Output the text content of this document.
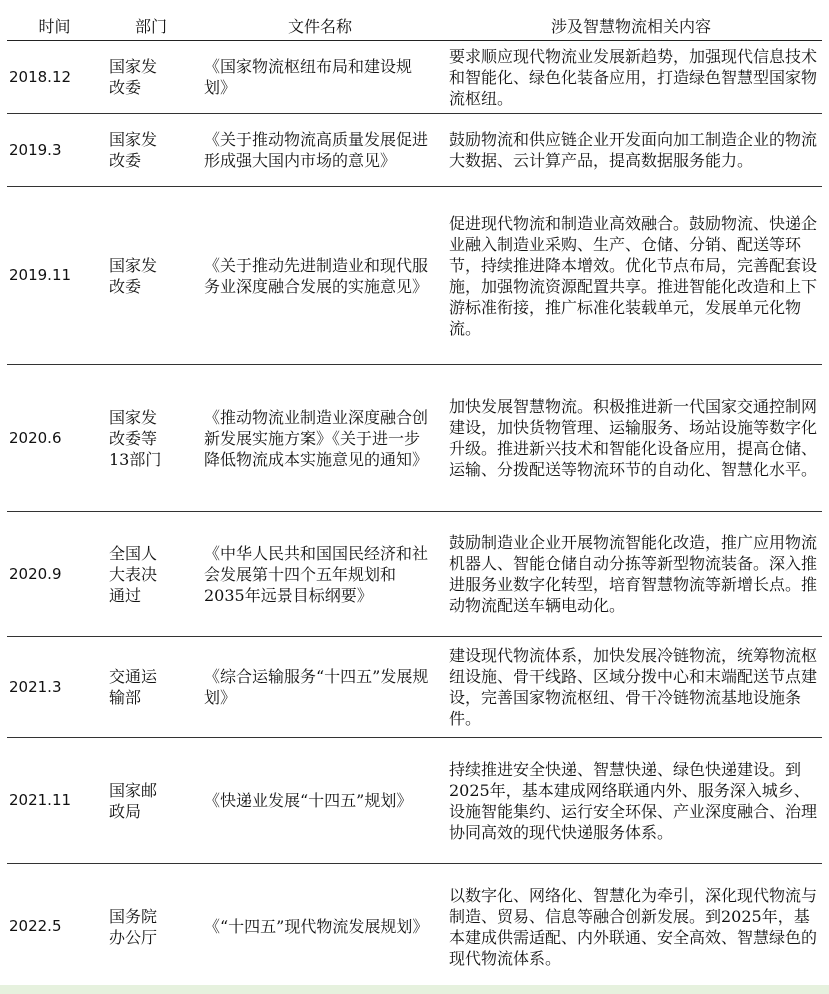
时间	部门	文件名称	涉及智慧物流相关内容
2018.12	国家发改委	《国家物流枢纽布局和建设规划》	要求顺应现代物流业发展新趋势，加强现代信息技术和智能化、绿色化装备应用，打造绿色智慧型国家物流枢纽。
2019.3	国家发改委	《关于推动物流高质量发展促进形成强大国内市场的意见》	鼓励物流和供应链企业开发面向加工制造企业的物流大数据、云计算产品，提高数据服务能力。
2019.11	国家发改委	《关于推动先进制造业和现代服务业深度融合发展的实施意见》	促进现代物流和制造业高效融合。鼓励物流、快递企业融入制造业采购、生产、仓储、分销、配送等环节，持续推进降本增效。优化节点布局，完善配套设施，加强物流资源配置共享。推进智能化改造和上下游标准衔接，推广标准化装载单元，发展单元化物流。
2020.6	国家发改委等13部门	《推动物流业制造业深度融合创新发展实施方案》《关于进一步降低物流成本实施意见的通知》	加快发展智慧物流。积极推进新一代国家交通控制网建设，加快货物管理、运输服务、场站设施等数字化升级。推进新兴技术和智能化设备应用，提高仓储、运输、分拨配送等物流环节的自动化、智慧化水平。
2020.9	全国人大表决通过	《中华人民共和国国民经济和社会发展第十四个五年规划和2035年远景目标纲要》	鼓励制造业企业开展物流智能化改造，推广应用物流机器人、智能仓储自动分拣等新型物流装备。深入推进服务业数字化转型，培育智慧物流等新增长点。推动物流配送车辆电动化。
2021.3	交通运输部	《综合运输服务“十四五”发展规划》	建设现代物流体系，加快发展冷链物流，统筹物流枢纽设施、骨干线路、区域分拨中心和末端配送节点建设，完善国家物流枢纽、骨干冷链物流基地设施条件。
2021.11	国家邮政局	《快递业发展“十四五”规划》	持续推进安全快递、智慧快递、绿色快递建设。到2025年，基本建成网络联通内外、服务深入城乡、设施智能集约、运行安全环保、产业深度融合、治理协同高效的现代快递服务体系。
2022.5	国务院办公厅	《“十四五”现代物流发展规划》	以数字化、网络化、智慧化为牵引，深化现代物流与制造、贸易、信息等融合创新发展。到2025年，基本建成供需适配、内外联通、安全高效、智慧绿色的现代物流体系。
